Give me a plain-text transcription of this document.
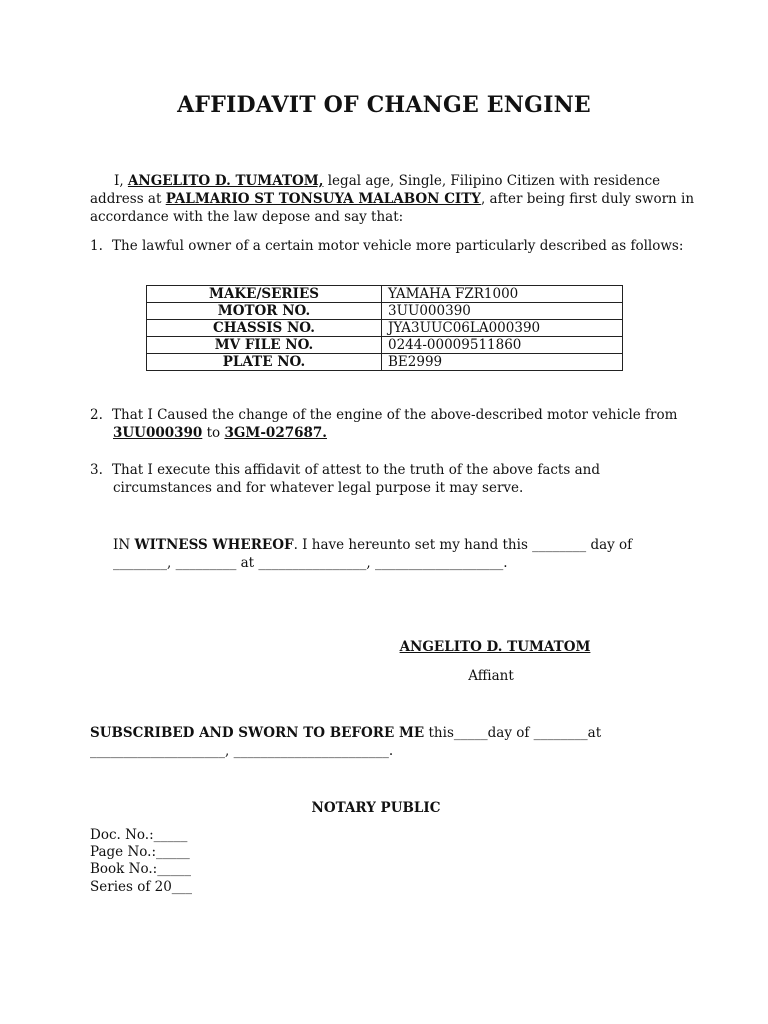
AFFIDAVIT OF CHANGE ENGINE
I, ANGELITO D. TUMATOM, legal age, Single, Filipino Citizen with residence
address at PALMARIO ST TONSUYA MALABON CITY, after being first duly sworn in
accordance with the law depose and say that:
1. The lawful owner of a certain motor vehicle more particularly described as follows:
MAKE/SERIES	YAMAHA FZR1000
MOTOR NO.	3UU000390
CHASSIS NO.	JYA3UUC06LA000390
MV FILE NO.	0244-00009511860
PLATE NO.	BE2999
2. That I Caused the change of the engine of the above-described motor vehicle from
3UU000390 to 3GM-027687.
3. That I execute this affidavit of attest to the truth of the above facts and
circumstances and for whatever legal purpose it may serve.
IN WITNESS WHEREOF. I have hereunto set my hand this ________ day of
________, _________ at ________________, ___________________.
ANGELITO D. TUMATOM
Affiant
SUBSCRIBED AND SWORN TO BEFORE ME this_____day of ________at
____________________, _______________________.
NOTARY PUBLIC
Doc. No.:_____
Page No.:_____
Book No.:_____
Series of 20___
